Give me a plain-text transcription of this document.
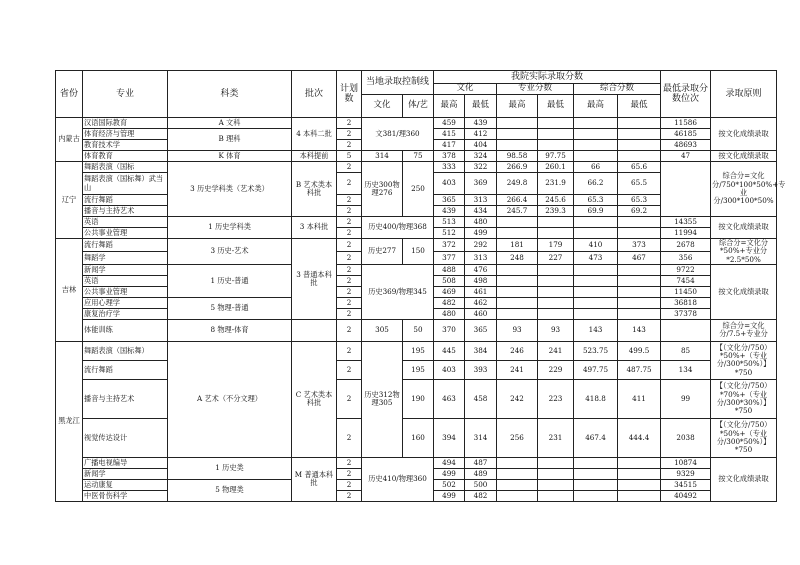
省份	专业	科类	批次	计划数	当地录取控制线		我院实际录取分数						最低录取分数位次	录取原则
							文化		专业分数		综合分数			
					文化	体/艺	最高	最低	最高	最低	最高	最低		
内蒙古	汉语国际教育	A 文科	4 本科二批	2	文381/理360		459	439					11586	按文化成绩录取
	体育经济与管理	B 理科		2			415	412					46185	
	教育技术学			2			417	404					48693	
	体育教育	K 体育	本科提前	5	314	75	378	324	98.58	97.75			47	按文化成绩录取
辽宁	舞蹈表演（国标	3 历史学科类（艺术类）	B 艺术类本科批	2	历史300物理276	250	333	322	266.9	260.1	66	65.6		综合分=文化分/750*100*50%+专业分/300*100*50%
	舞蹈表演（国标舞）武当山			2			403	369	249.8	231.9	66.2	65.5		
	流行舞蹈			2			365	313	266.4	245.6	65.3	65.3		
	播音与主持艺术			2			439	434	245.7	239.3	69.9	69.2		
	英语	1 历史学科类	3 本科批	2	历史400/物理368		513	480					14355	按文化成绩录取
	公共事业管理			2			512	499					11994	
吉林	流行舞蹈	3 历史-艺术	3 普通本科批	2	历史277	150	372	292	181	179	410	373	2678	综合分=文化分*50%+专业分*2.5*50%
	舞蹈学			2			377	313	248	227	473	467	356	
	新闻学	1 历史-普通		2	历史369/物理345		488	476					9722	按文化成绩录取
	英语			2			508	498					7454	
	公共事业管理			2			469	461					11450	
	应用心理学	5 物理-普通		2			482	462					36818	
	康复治疗学			2			480	460					37378	
	体能训练	8 物理-体育		2	305	50	370	365	93	93	143	143		综合分=文化分/7.5+专业分
黑龙江	舞蹈表演（国标舞）	A 艺术（不分文理）	C 艺术类本科批	2	历史312物理305	195	445	384	246	241	523.75	499.5	85	【（文化分/750）*50%+（专业分/300*50%）】*750
	流行舞蹈			2		195	403	393	241	229	497.75	487.75	134	
	播音与主持艺术			2		190	463	458	242	223	418.8	411	99	【（文化分/750）*70%+（专业分/300*30%）】*750
	视觉传达设计			2		160	394	314	256	231	467.4	444.4	2038	【（文化分/750）*50%+（专业分/300*50%）】*750
	广播电视编导	1 历史类	M 普通本科批	2	历史410/物理360		494	487					10874	按文化成绩录取
	新闻学			2			499	489					9329	
	运动康复	5 物理类		2			502	500					34515	
	中医骨伤科学			2			499	482					40492	
